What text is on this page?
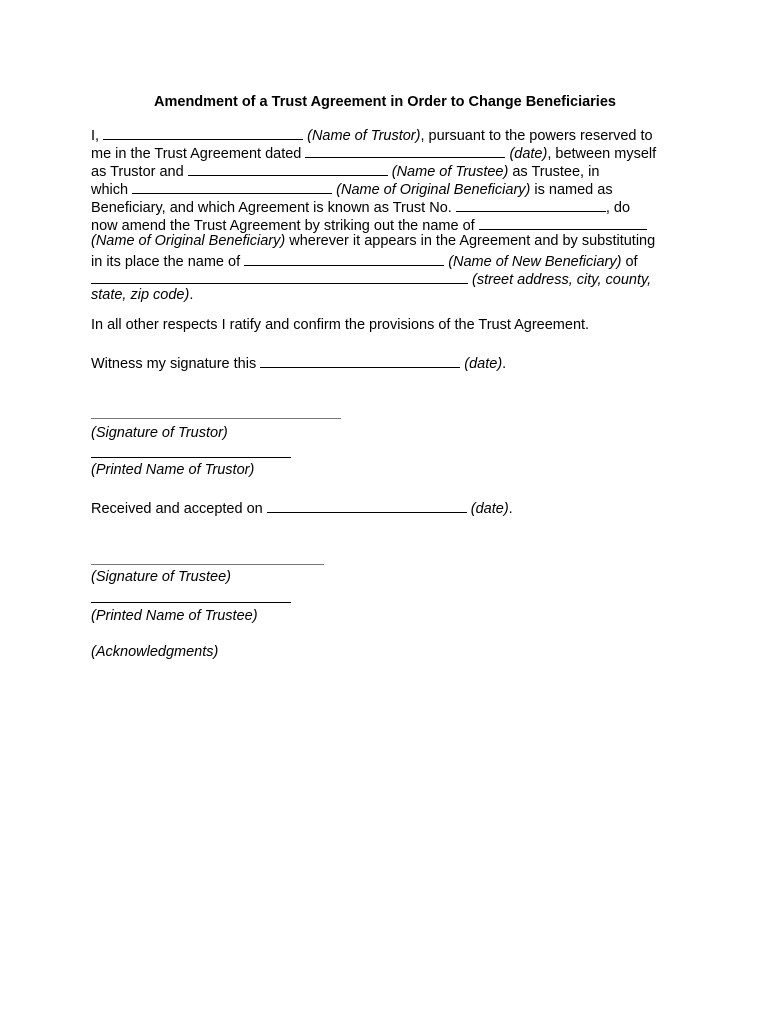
Amendment of a Trust Agreement in Order to Change Beneficiaries
I,	(Name of Trustor), pursuant to the powers reserved to
me in the Trust Agreement dated	(date), between myself
as Trustor and	(Name of Trustee) as Trustee, in
which	(Name of Original Beneficiary) is named as
Beneficiary, and which Agreement is known as Trust No.	, do
now amend the Trust Agreement by striking out the name of
(Name of Original Beneficiary) wherever it appears in the Agreement and by substituting
in its place the name of	(Name of New Beneficiary) of
(street address, city, county,
state, zip code).
In all other respects I ratify and confirm the provisions of the Trust Agreement.
Witness my signature this	(date).
(Signature of Trustor)
(Printed Name of Trustor)
Received and accepted on	(date).
(Signature of Trustee)
(Printed Name of Trustee)
(Acknowledgments)
